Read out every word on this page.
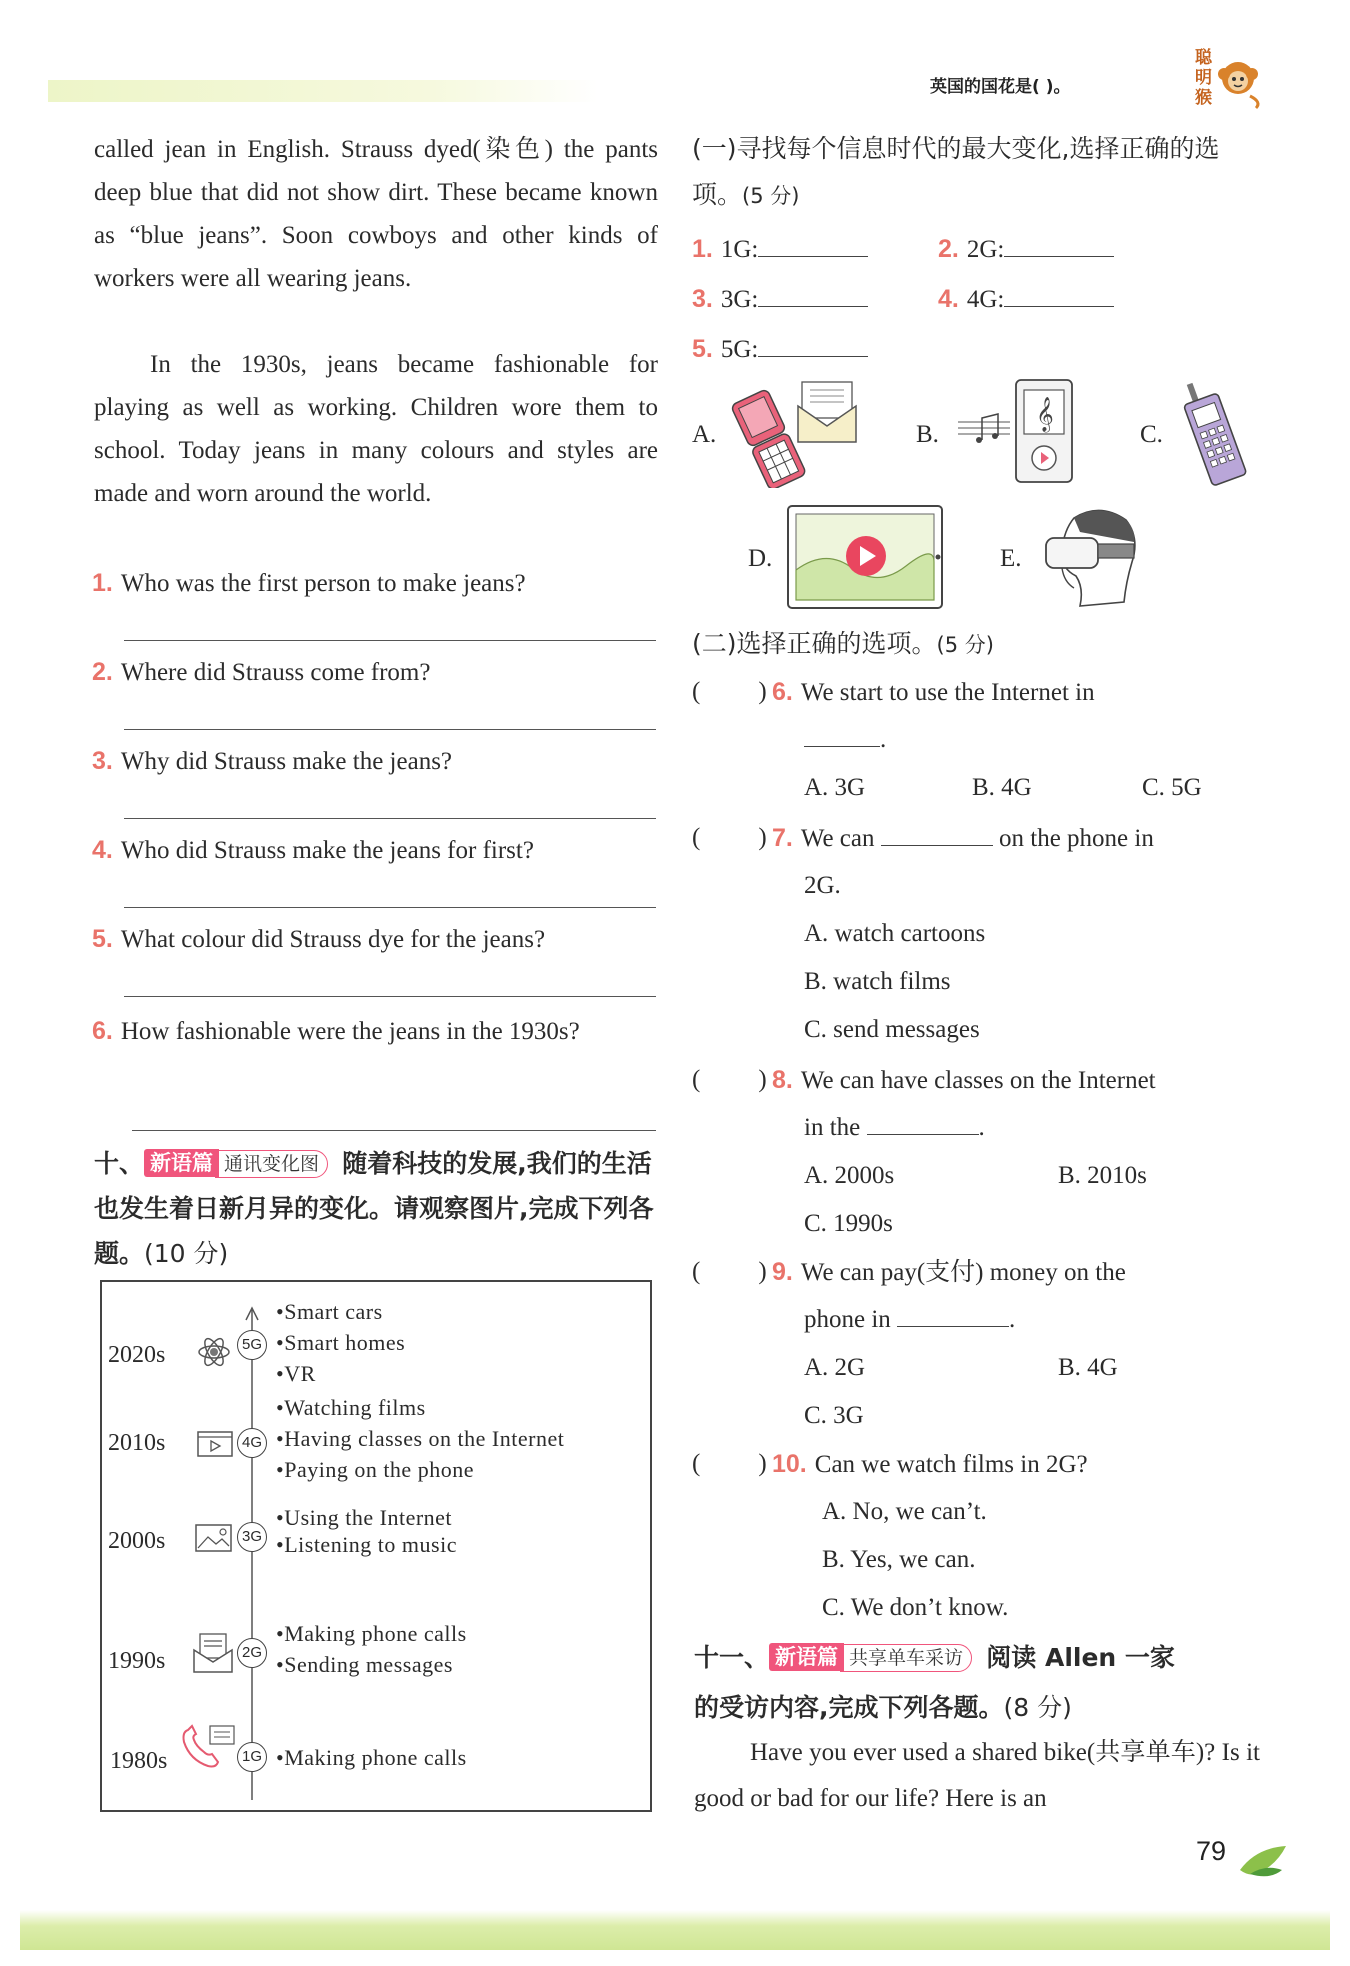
英国的国花是( )。
聪明猴
called jean in English. Strauss dyed(染色) the pants deep blue that did not show dirt. These became known as “blue jeans”. Soon cowboys and other kinds of workers were all wearing jeans.
In the 1930s, jeans became fashionable for playing as well as working. Children wore them to school. Today jeans in many colours and styles are made and worn around the world.
1. Who was the first person to make jeans?
2. Where did Strauss come from?
3. Why did Strauss make the jeans?
4. Who did Strauss make the jeans for first?
5. What colour did Strauss dye for the jeans?
6. How fashionable were the jeans in the 1930s?
十、 新语篇 通讯变化图 随着科技的发展,我们的生活也发生着日新月异的变化。请观察图片,完成下列各题。(10 分)
2020s	5G
•Smart cars
•Smart homes
•VR
2010s	4G
•Watching films
•Having classes on the Internet
•Paying on the phone
2000s	3G
•Using the Internet
•Listening to music
1990s	2G
•Making phone calls
•Sending messages
1980s	1G •Making phone calls
(一)寻找每个信息时代的最大变化,选择正确的选项。(5 分)
1. 1G:	2. 2G:
3. 3G:	4. 4G:
5. 5G:
A.	B.
𝄞
C.
D.	E.
(二)选择正确的选项。(5 分)
( ) 6. We start to use the Internet in
.
A. 3G	B. 4G	C. 5G
( ) 7. We can	on the phone in
2G.
A. watch cartoons
B. watch films
C. send messages
( ) 8. We can have classes on the Internet
in the	.
A. 2000s	B. 2010s
C. 1990s
( ) 9. We can pay(支付) money on the
phone in	.
A. 2G	B. 4G
C. 3G
( ) 10. Can we watch films in 2G?
A. No, we can’t.
B. Yes, we can.
C. We don’t know.
十一、 新语篇 共享单车采访 阅读 Allen 一家
的受访内容,完成下列各题。(8 分)
Have you ever used a shared bike(共享单车)? Is it good or bad for our life? Here is an
79
